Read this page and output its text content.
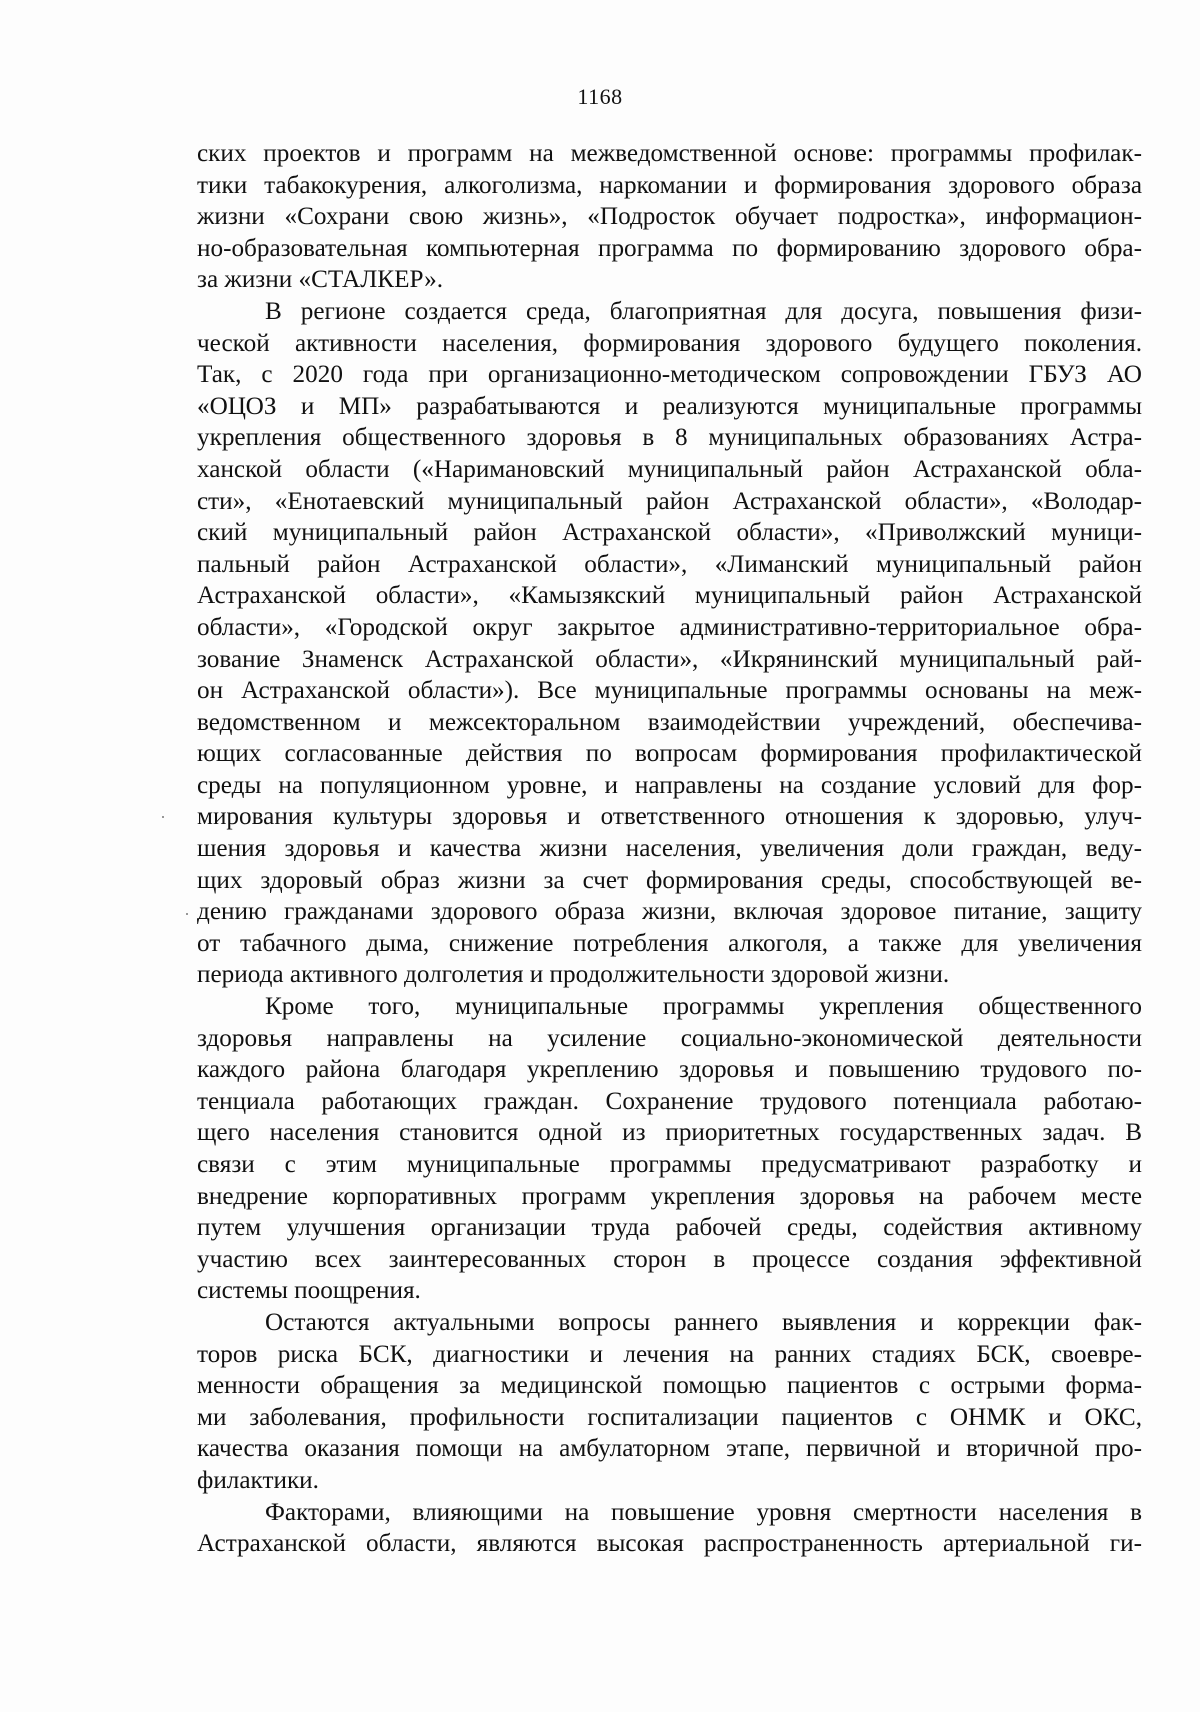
1168

ских проектов и программ на межведомственной основе: программы профилак-
тики табакокурения, алкоголизма, наркомании и формирования здорового образа
жизни «Сохрани свою жизнь», «Подросток обучает подростка», информацион-
но-образовательная компьютерная программа по формированию здорового обра-
за жизни «СТАЛКЕР».

В регионе создается среда, благоприятная для досуга, повышения физи-
ческой активности населения, формирования здорового будущего поколения.
Так, с 2020 года при организационно-методическом сопровождении ГБУЗ АО
«ОЦОЗ и МП» разрабатываются и реализуются муниципальные программы
укрепления общественного здоровья в 8 муниципальных образованиях Астра-
ханской области («Наримановский муниципальный район Астраханской обла-
сти», «Енотаевский муниципальный район Астраханской области», «Володар-
ский муниципальный район Астраханской области», «Приволжский муници-
пальный район Астраханской области», «Лиманский муниципальный район
Астраханской области», «Камызякский муниципальный район Астраханской
области», «Городской округ закрытое административно-территориальное обра-
зование Знаменск Астраханской области», «Икрянинский муниципальный рай-
он Астраханской области»). Все муниципальные программы основаны на меж-
ведомственном и межсекторальном взаимодействии учреждений, обеспечива-
ющих согласованные действия по вопросам формирования профилактической
среды на популяционном уровне, и направлены на создание условий для фор-
мирования культуры здоровья и ответственного отношения к здоровью, улуч-
шения здоровья и качества жизни населения, увеличения доли граждан, веду-
щих здоровый образ жизни за счет формирования среды, способствующей ве-
дению гражданами здорового образа жизни, включая здоровое питание, защиту
от табачного дыма, снижение потребления алкоголя, а также для увеличения
периода активного долголетия и продолжительности здоровой жизни.

Кроме того, муниципальные программы укрепления общественного
здоровья направлены на усиление социально-экономической деятельности
каждого района благодаря укреплению здоровья и повышению трудового по-
тенциала работающих граждан. Сохранение трудового потенциала работаю-
щего населения становится одной из приоритетных государственных задач. В
связи с этим муниципальные программы предусматривают разработку и
внедрение корпоративных программ укрепления здоровья на рабочем месте
путем улучшения организации труда рабочей среды, содействия активному
участию всех заинтересованных сторон в процессе создания эффективной
системы поощрения.

Остаются актуальными вопросы раннего выявления и коррекции фак-
торов риска БСК, диагностики и лечения на ранних стадиях БСК, своевре-
менности обращения за медицинской помощью пациентов с острыми форма-
ми заболевания, профильности госпитализации пациентов с ОНМК и ОКС,
качества оказания помощи на амбулаторном этапе, первичной и вторичной про-
филактики.

Факторами, влияющими на повышение уровня смертности населения в
Астраханской области, являются высокая распространенность артериальной ги-
